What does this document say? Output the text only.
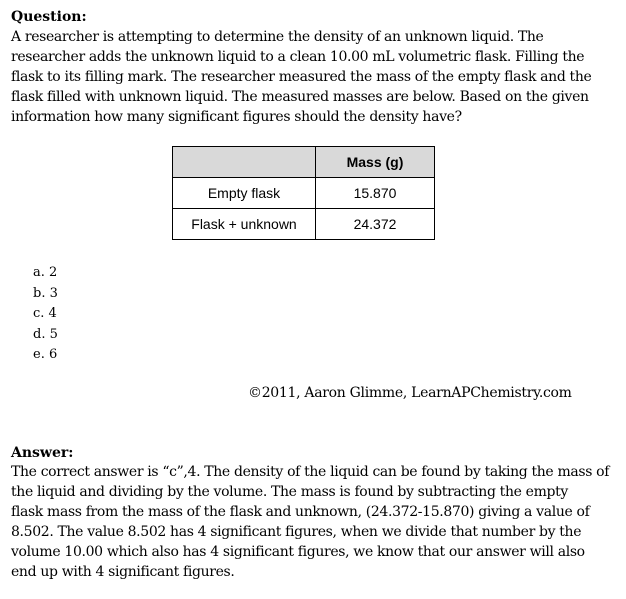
Question:
A researcher is attempting to determine the density of an unknown liquid. The
researcher adds the unknown liquid to a clean 10.00 mL volumetric flask. Filling the
flask to its filling mark. The researcher measured the mass of the empty flask and the
flask filled with unknown liquid. The measured masses are below. Based on the given
information how many significant figures should the density have?
	Mass (g)
Empty flask	15.870
Flask + unknown	24.372
a. 2
b. 3
c. 4
d. 5
e. 6
©2011, Aaron Glimme, LearnAPChemistry.com
Answer:
The correct answer is “c”,4. The density of the liquid can be found by taking the mass of
the liquid and dividing by the volume. The mass is found by subtracting the empty
flask mass from the mass of the flask and unknown, (24.372-15.870) giving a value of
8.502. The value 8.502 has 4 significant figures, when we divide that number by the
volume 10.00 which also has 4 significant figures, we know that our answer will also
end up with 4 significant figures.
